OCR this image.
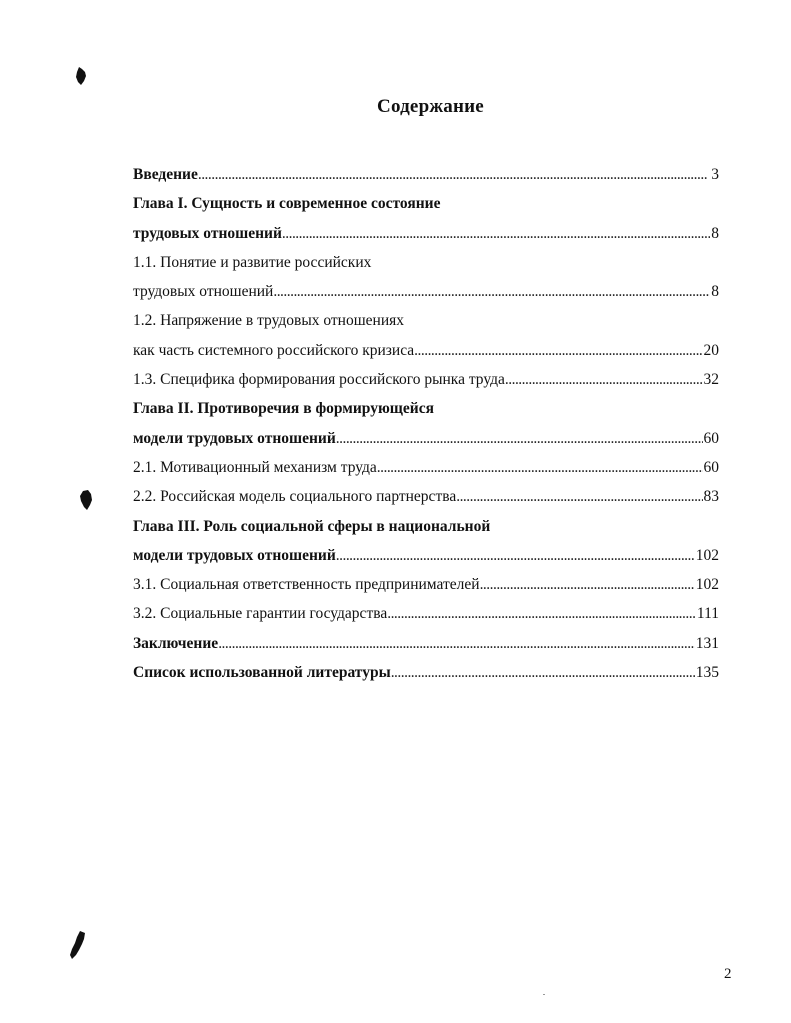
Содержание
Введение . . .	3
Глава I. Сущность и современное состояние
трудовых отношений . . .	8
1.1. Понятие и развитие российских
трудовых отношений . . .	8
1.2. Напряжение в трудовых отношениях
как часть системного российского кризиса . . .	20
1.3. Специфика формирования российского рынка труда . . .	32
Глава II. Противоречия в формирующейся
модели трудовых отношений . . .	60
2.1. Мотивационный механизм труда . . .	60
2.2. Российская модель социального партнерства . . .	83
Глава III. Роль социальной сферы в национальной
модели трудовых отношений . . .	102
3.1. Социальная ответственность предпринимателей . . .	102
3.2. Социальные гарантии государства . . .	111
Заключение . . .	131
Список использованной литературы . . .	135
2
